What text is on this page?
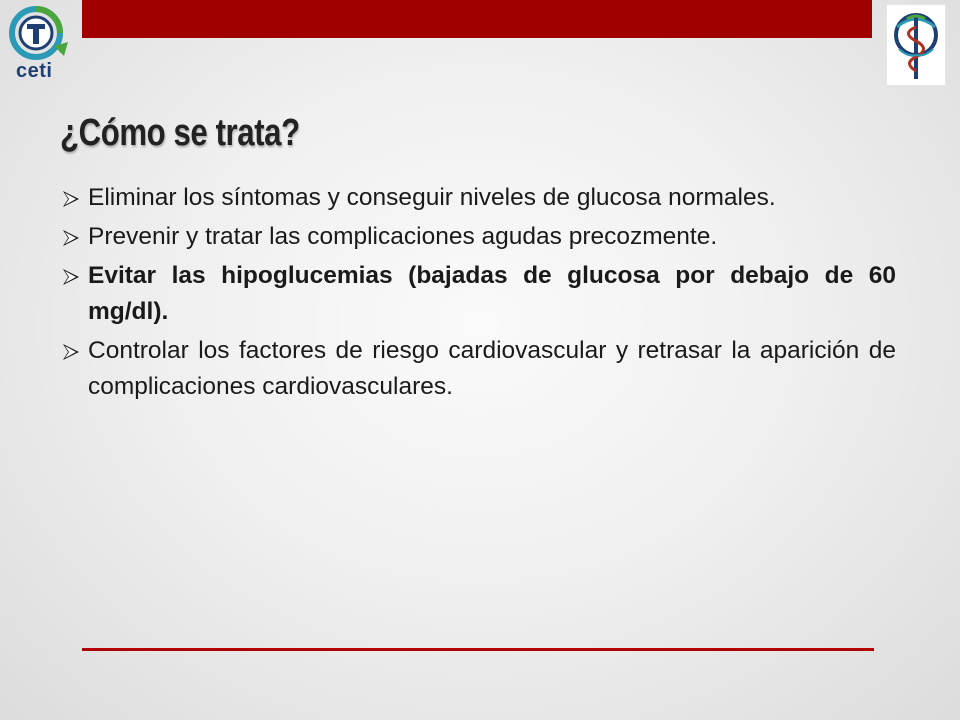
ceti
¿Cómo se trata?
Eliminar los síntomas y conseguir niveles de glucosa normales.
Prevenir y tratar las complicaciones agudas precozmente.
Evitar las hipoglucemias (bajadas de glucosa por debajo de 60 mg/dl).
Controlar los factores de riesgo cardiovascular y retrasar la aparición de complicaciones cardiovasculares.
